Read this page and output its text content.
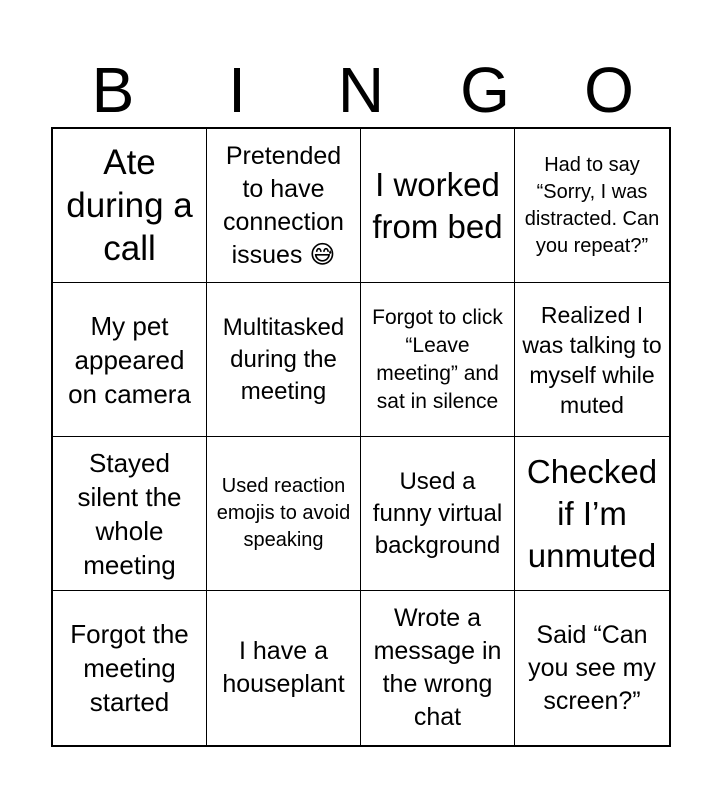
B	I	N	G	O
Ate during a call
Pretended to have connection issues 😅
I worked from bed
Had to say “Sorry, I was distracted. Can you repeat?”
My pet appeared on camera
Multitasked during the meeting
Forgot to click “Leave meeting” and sat in silence
Realized I was talking to myself while muted
Stayed silent the whole meeting
Used reaction emojis to avoid speaking
Used a funny virtual background
Checked if I’m unmuted
Forgot the meeting started
I have a houseplant
Wrote a message in the wrong chat
Said “Can you see my screen?”
